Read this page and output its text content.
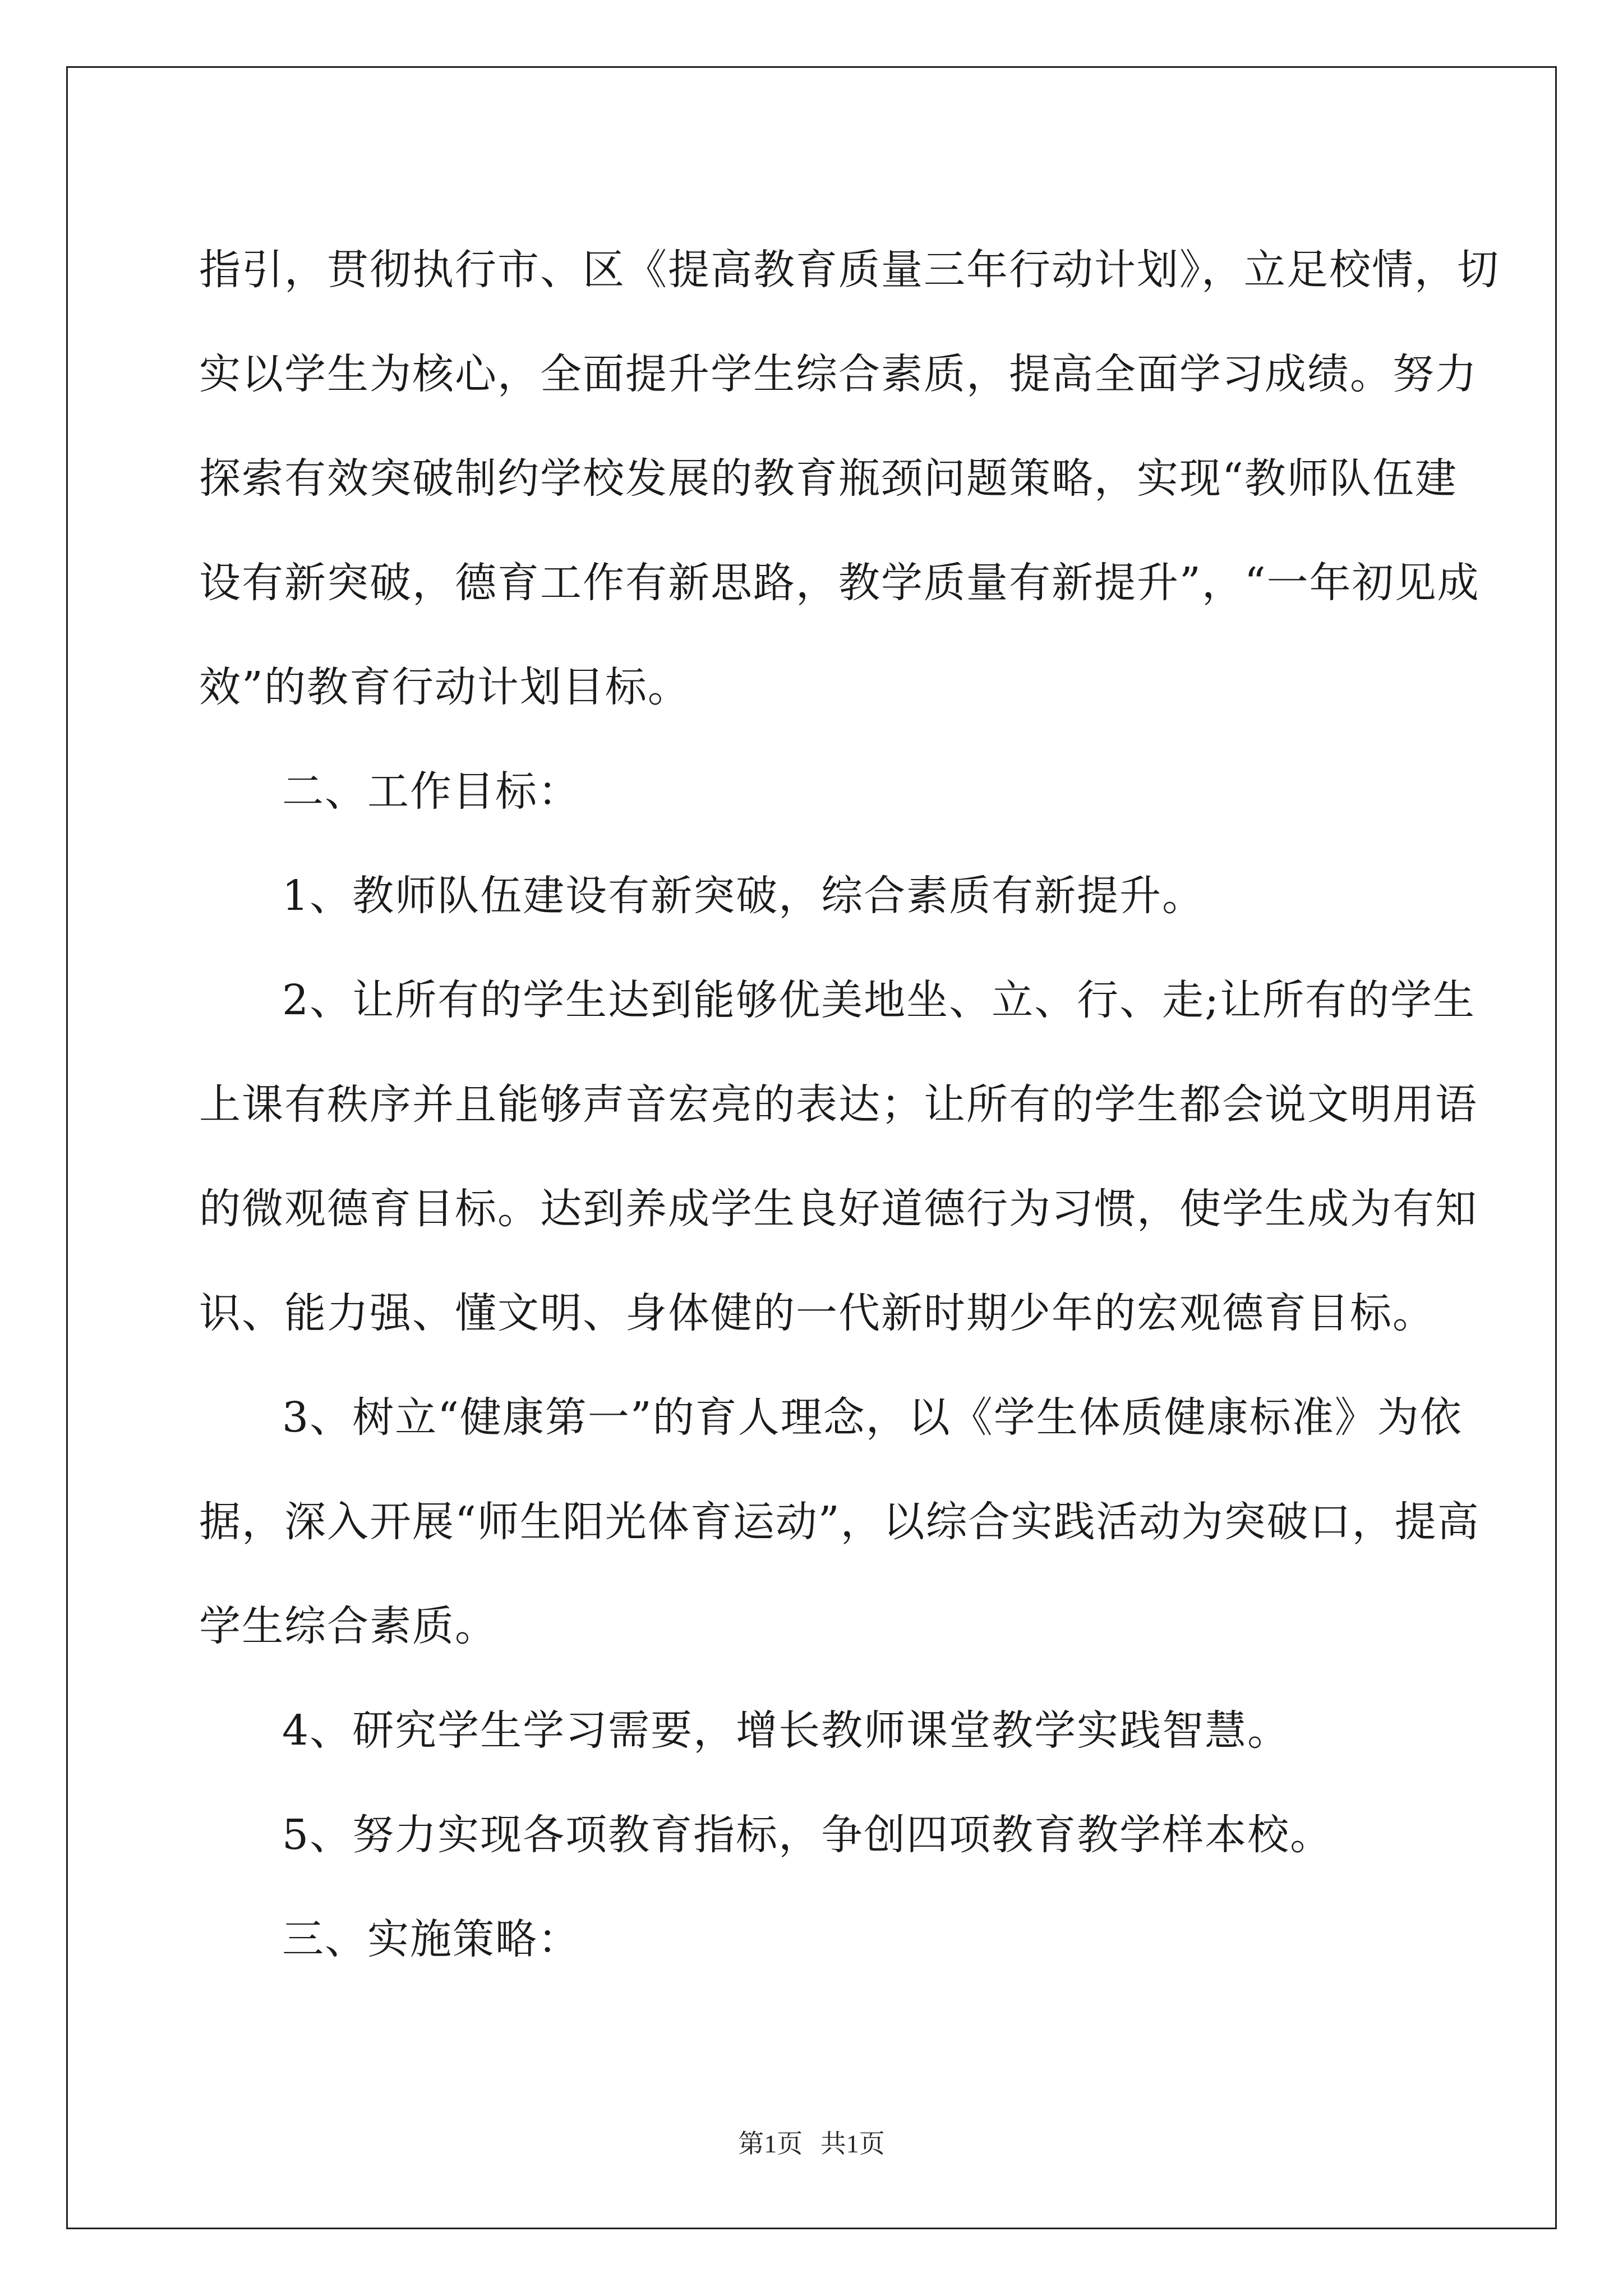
指引，贯彻执行市、区《提高教育质量三年行动计划》，立足校情，切
实以学生为核心，全面提升学生综合素质，提高全面学习成绩。努力
探索有效突破制约学校发展的教育瓶颈问题策略，实现“教师队伍建
设有新突破，德育工作有新思路，教学质量有新提升”，“一年初见成
效”的教育行动计划目标。
二、工作目标：
1、教师队伍建设有新突破，综合素质有新提升。
2、让所有的学生达到能够优美地坐、立、行、走;让所有的学生
上课有秩序并且能够声音宏亮的表达；让所有的学生都会说文明用语
的微观德育目标。达到养成学生良好道德行为习惯，使学生成为有知
识、能力强、懂文明、身体健的一代新时期少年的宏观德育目标。
3、树立“健康第一”的育人理念，以《学生体质健康标准》为依
据，深入开展“师生阳光体育运动”，以综合实践活动为突破口，提高
学生综合素质。
4、研究学生学习需要，增长教师课堂教学实践智慧。
5、努力实现各项教育指标，争创四项教育教学样本校。
三、实施策略：
第1页 共1页
